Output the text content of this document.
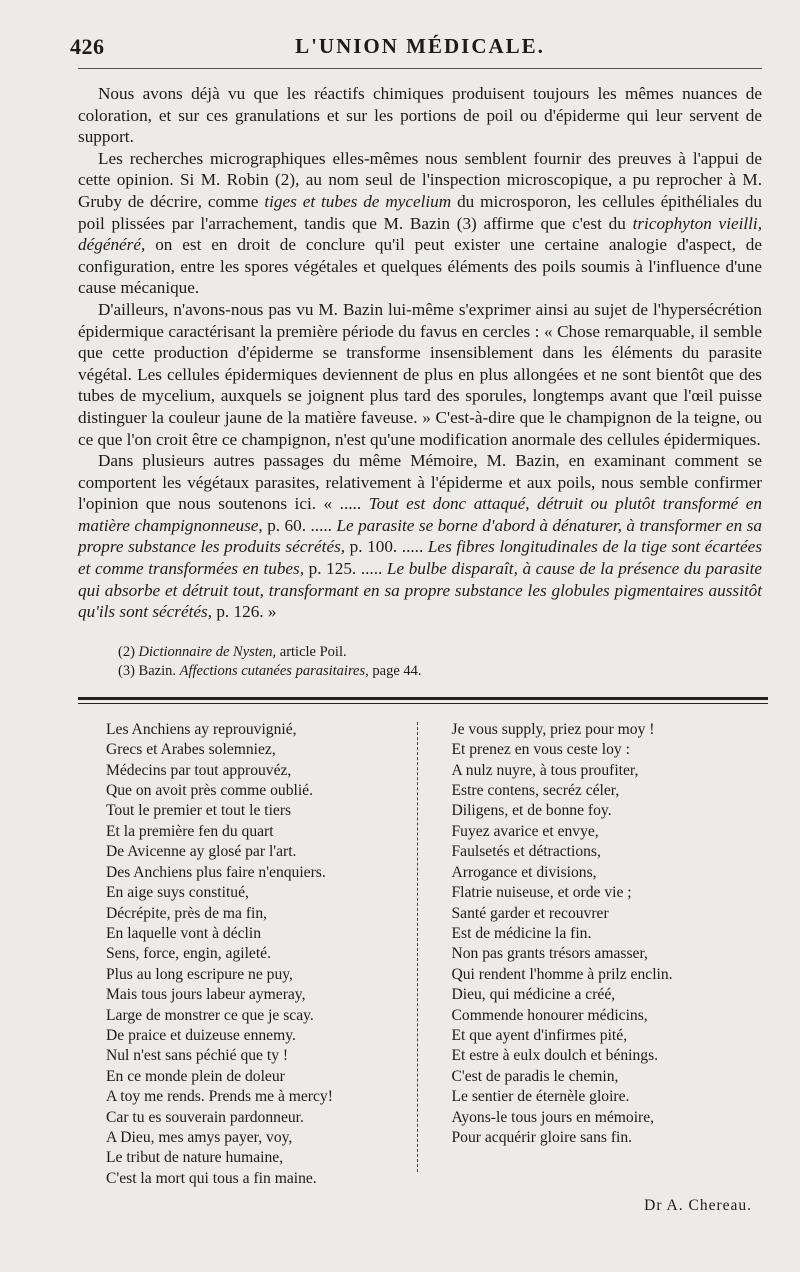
426	L'UNION MÉDICALE.

Nous avons déjà vu que les réactifs chimiques produisent toujours les mêmes nuances de coloration, et sur ces granulations et sur les portions de poil ou d'épiderme qui leur servent de support.

Les recherches micrographiques elles-mêmes nous semblent fournir des preuves à l'appui de cette opinion. Si M. Robin (2), au nom seul de l'inspection microscopique, a pu reprocher à M. Gruby de décrire, comme tiges et tubes de mycelium du microsporon, les cellules épithéliales du poil plissées par l'arrachement, tandis que M. Bazin (3) affirme que c'est du tricophyton vieilli, dégénéré, on est en droit de conclure qu'il peut exister une certaine analogie d'aspect, de configuration, entre les spores végétales et quelques éléments des poils soumis à l'influence d'une cause mécanique.

D'ailleurs, n'avons-nous pas vu M. Bazin lui-même s'exprimer ainsi au sujet de l'hypersécrétion épidermique caractérisant la première période du favus en cercles : « Chose remarquable, il semble que cette production d'épiderme se transforme insensiblement dans les éléments du parasite végétal. Les cellules épidermiques deviennent de plus en plus allongées et ne sont bientôt que des tubes de mycelium, auxquels se joignent plus tard des sporules, longtemps avant que l'œil puisse distinguer la couleur jaune de la matière faveuse. » C'est-à-dire que le champignon de la teigne, ou ce que l'on croit être ce champignon, n'est qu'une modification anormale des cellules épidermiques.

Dans plusieurs autres passages du même Mémoire, M. Bazin, en examinant comment se comportent les végétaux parasites, relativement à l'épiderme et aux poils, nous semble confirmer l'opinion que nous soutenons ici. « ..... Tout est donc attaqué, détruit ou plutôt transformé en matière champignonneuse, p. 60. ..... Le parasite se borne d'abord à dénaturer, à transformer en sa propre substance les produits sécrétés, p. 100. ..... Les fibres longitudinales de la tige sont écartées et comme transformées en tubes, p. 125. ..... Le bulbe disparaît, à cause de la présence du parasite qui absorbe et détruit tout, transformant en sa propre substance les globules pigmentaires aussitôt qu'ils sont sécrétés, p. 126. »

(2) Dictionnaire de Nysten, article Poil.
(3) Bazin. Affections cutanées parasitaires, page 44.
Les Anchiens ay reprouvignié,
Grecs et Arabes solemniez,
Médecins par tout approuvéz,
Que on avoit près comme oublié.
Tout le premier et tout le tiers
Et la première fen du quart
De Avicenne ay glosé par l'art.
Des Anchiens plus faire n'enquiers.
En aige suys constitué,
Décrépite, près de ma fin,
En laquelle vont à déclin
Sens, force, engin, agileté.
Plus au long escripure ne puy,
Mais tous jours labeur aymeray,
Large de monstrer ce que je scay.
De praice et duizeuse ennemy.
Nul n'est sans péchié que ty !
En ce monde plein de doleur
A toy me rends. Prends me à mercy!
Car tu es souverain pardonneur.
A Dieu, mes amys payer, voy,
Le tribut de nature humaine,
C'est la mort qui tous a fin maine.
Je vous supply, priez pour moy !
Et prenez en vous ceste loy :
A nulz nuyre, à tous proufiter,
Estre contens, secréz céler,
Diligens, et de bonne foy.
Fuyez avarice et envye,
Faulsetés et détractions,
Arrogance et divisions,
Flatrie nuiseuse, et orde vie ;
Santé garder et recouvrer
Est de médicine la fin.
Non pas grants trésors amasser,
Qui rendent l'homme à prilz enclin.
Dieu, qui médicine a créé,
Commende honourer médicins,
Et que ayent d'infirmes pité,
Et estre à eulx doulch et bénings.
C'est de paradis le chemin,
Le sentier de éternèle gloire.
Ayons-le tous jours en mémoire,
Pour acquérir gloire sans fin.
Dr A. Chereau.
